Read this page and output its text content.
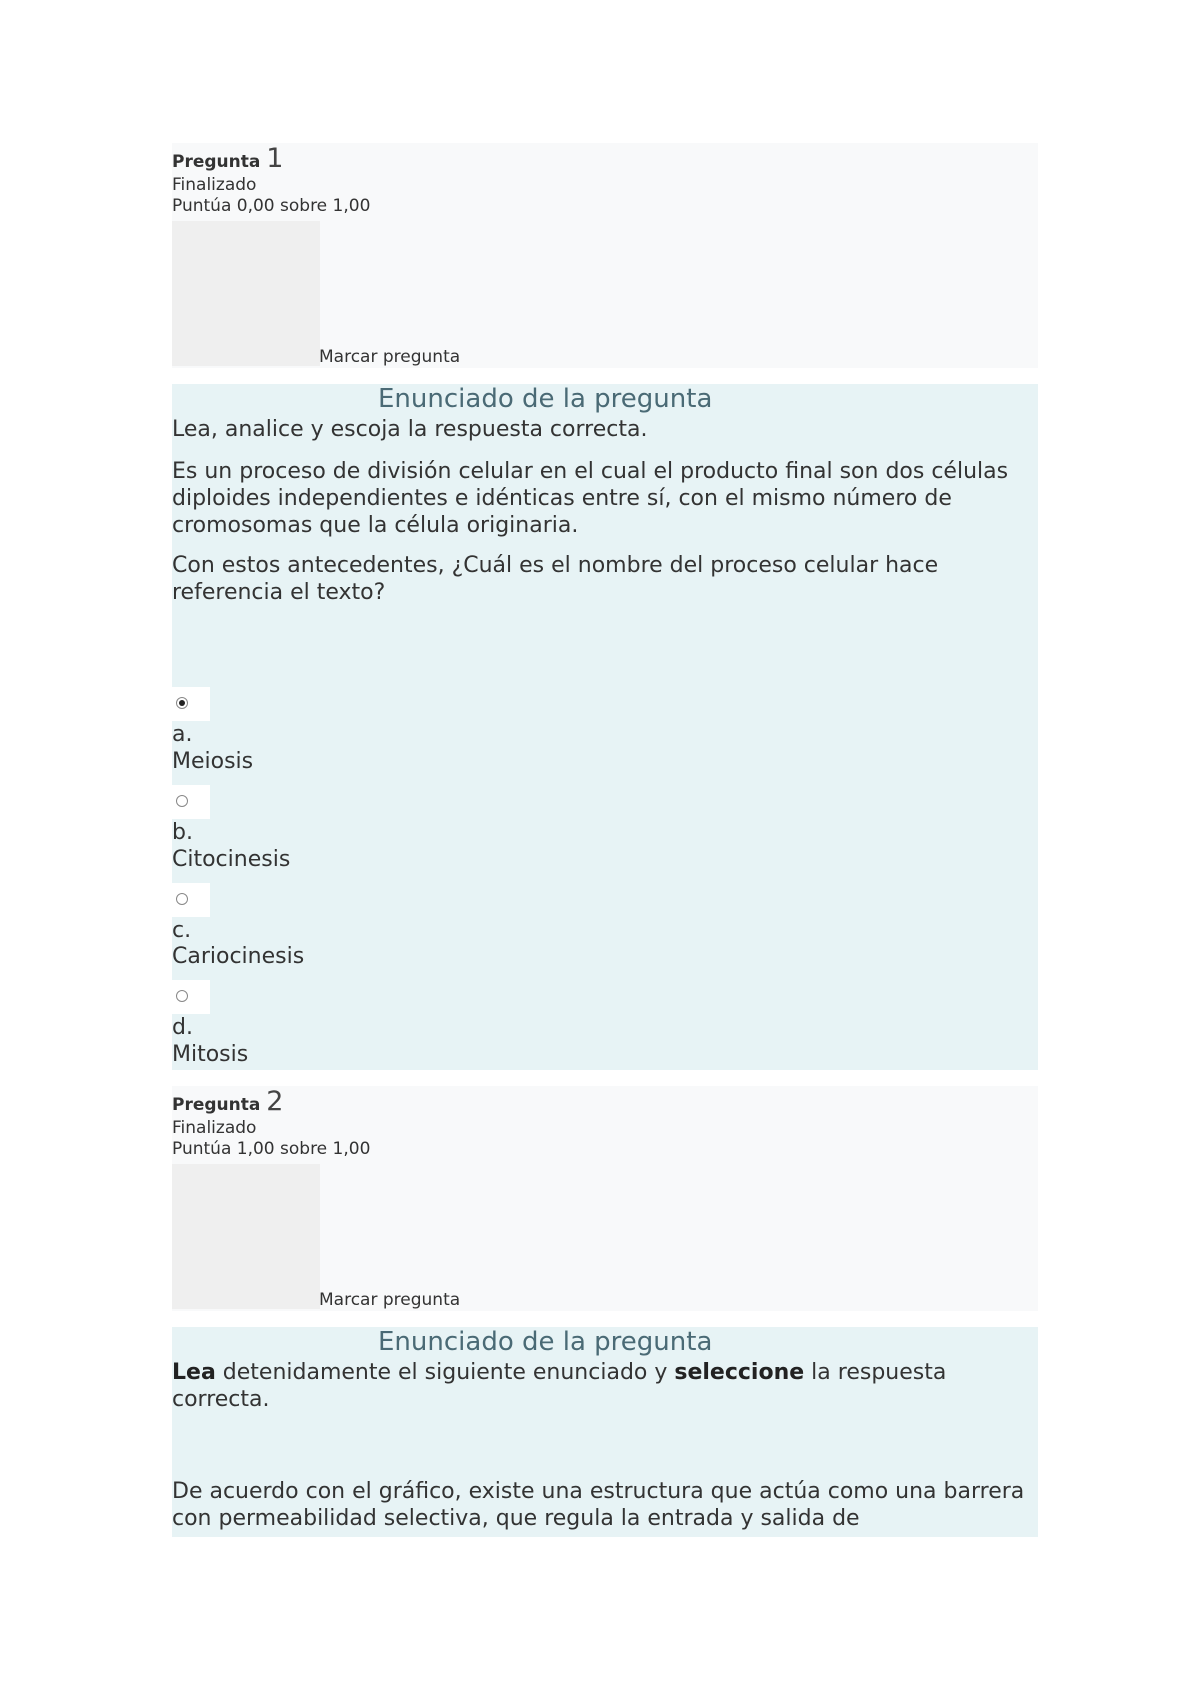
Pregunta 1
Finalizado
Puntúa 0,00 sobre 1,00
Marcar pregunta
Enunciado de la pregunta

Lea, analice y escoja la respuesta correcta.

Es un proceso de división celular en el cual el producto final son dos células diploides independientes e idénticas entre sí, con el mismo número de cromosomas que la célula originaria.

Con estos antecedentes, ¿Cuál es el nombre del proceso celular hace referencia el texto?

a.
Meiosis
b.
Citocinesis
c.
Cariocinesis
d.
Mitosis
Pregunta 2
Finalizado
Puntúa 1,00 sobre 1,00
Marcar pregunta
Enunciado de la pregunta

Lea detenidamente el siguiente enunciado y seleccione la respuesta correcta.

De acuerdo con el gráfico, existe una estructura que actúa como una barrera con permeabilidad selectiva, que regula la entrada y salida de
